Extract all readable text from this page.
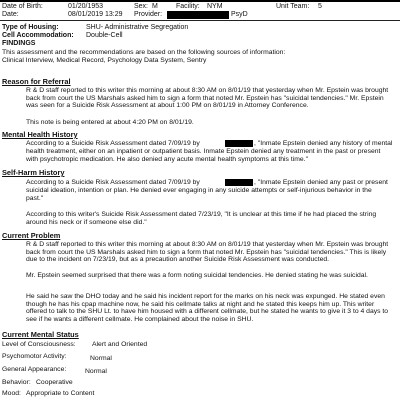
Date of Birth:	01/20/1953	Sex: M	Facility: NYM	Unit Team: 5
Date:	08/01/2019 13:29 Provider:	PsyD
Type of Housing:	SHU- Administrative Segregation
Cell Accommodation: Double-Cell
FINDINGS
This assessment and the recommendations are based on the following sources of information:
Clinical Interview, Medical Record, Psychology Data System, Sentry
Reason for Referral

R & D staff reported to this writer this morning at about 8:30 AM on 8/01/19 that yesterday when Mr. Epstein was brought back from court the US Marshals asked him to sign a form that noted Mr. Epstein has "suicidal tendencies." Mr. Epstein was seen for a Suicide Risk Assessment at about 1:00 PM on 8/01/19 in Attorney Conference.

This note is being entered at about 4:20 PM on 8/01/19.

Mental Health History
According to a Suicide Risk Assessment dated 7/09/19 by	, "Inmate Epstein denied any history of mental
health treatment, either on an inpatient or outpatient basis. Inmate Epstein denied any treatment in the past or present
with psychotropic medication. He also denied any acute mental health symptoms at this time."
Self-Harm History
According to a Suicide Risk Assessment dated 7/09/19 by	, "Inmate Epstein denied any past or present
suicidal ideation, intention or plan. He denied ever engaging in any suicide attempts or self-injurious behavior in the
past."

According to this writer's Suicide Risk Assessment dated 7/23/19, "It is unclear at this time if he had placed the string around his neck or if someone else did."

Current Problem

R & D staff reported to this writer this morning at about 8:30 AM on 8/01/19 that yesterday when Mr. Epstein was brought back from court the US Marshals asked him to sign a form that noted Mr. Epstein has "suicidal tendencies." This is likely due to the incident on 7/23/19, but as a precaution another Suicide Risk Assessment was conducted.

Mr. Epstein seemed surprised that there was a form noting suicidal tendencies. He denied stating he was suicidal.

He said he saw the DHO today and he said his incident report for the marks on his neck was expunged. He stated even though he has his cpap machine now, he said his cellmate talks at night and he stated this keeps him up. This writer offered to talk to the SHU Lt. to have him housed with a different cellmate, but he stated he wants to give it 3 to 4 days to see if he wants a different cellmate. He complained about the noise in SHU.

Current Mental Status
Level of Consciousness: Alert and Oriented
Psychomotor Activity:	Normal
General Appearance:	Normal
Behavior: Cooperative
Mood: Appropriate to Content
